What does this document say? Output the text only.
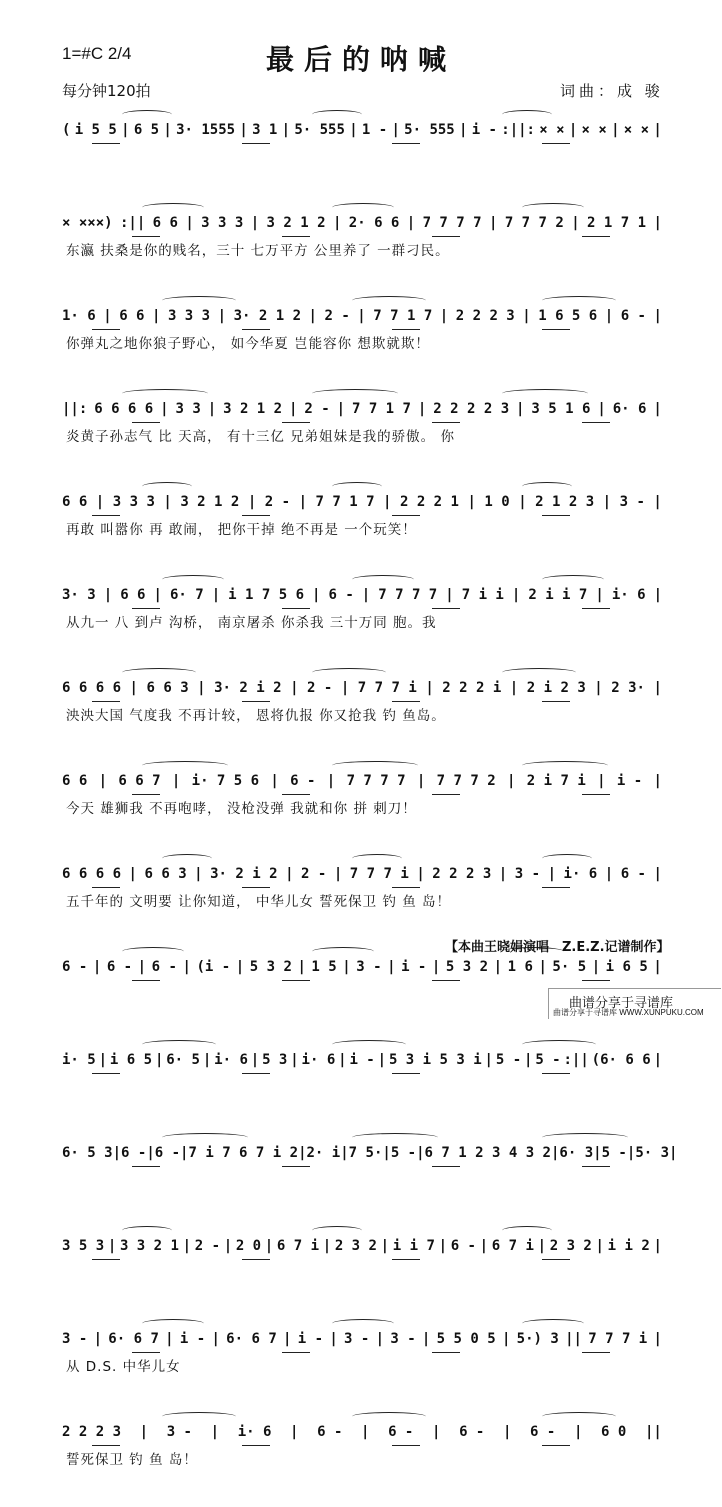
1=#C 2/4
每分钟120拍
最后的呐喊
词曲：成 骏
( i 5 5 | 6 5 | 3· 1555 | 3 1 | 5· 555 | 1 - | 5· 555 | i - :||: × × | × × | × × |
× ×××) :|| 6 6 | 3 3 3 | 3 2 1 2 | 2· 6 6 | 7 7 7 7 | 7 7 7 2 | 2 1 7 1 |
东瀛 扶桑是你的贱名，三十 七万平方 公里养了 一群刁民。
1· 6 | 6 6 | 3 3 3 | 3· 2 1 2 | 2 - | 7 7 1 7 | 2 2 2 3 | 1 6 5 6 | 6 - |
你弹丸之地你狼子野心， 如今华夏 岂能容你 想欺就欺！
||: 6 6 6 6 | 3 3 | 3 2 1 2 | 2 - | 7 7 1 7 | 2 2 2 2 3 | 3 5 1 6 | 6· 6 |
炎黄子孙志气 比 天高， 有十三亿 兄弟姐妹是我的骄傲。 你
6 6 | 3 3 3 | 3 2 1 2 | 2 - | 7 7 1 7 | 2 2 2 1 | 1 0 | 2 1 2 3 | 3 - |
再敢 叫嚣你 再 敢闹， 把你干掉 绝不再是 一个玩笑！
3· 3 | 6 6 | 6· 7 | i 1 7 5 6 | 6 - | 7 7 7 7 | 7 i i | 2 i i 7 | i· 6 |
从九一 八 到卢 沟桥， 南京屠杀 你杀我 三十万同 胞。我
6 6 6 6 | 6 6 3 | 3· 2 i 2 | 2 - | 7 7 7 i | 2 2 2 i | 2 i 2 3 | 2 3· |
泱泱大国 气度我 不再计较， 恩将仇报 你又抢我 钓 鱼岛。
6 6 | 6 6 7 | i· 7 5 6 | 6 - | 7 7 7 7 | 7 7 7 2 | 2 i 7 i | i - |
今天 雄狮我 不再咆哮， 没枪没弹 我就和你 拼 刺刀！
6 6 6 6 | 6 6 3 | 3· 2 i 2 | 2 - | 7 7 7 i | 2 2 2 3 | 3 - | i· 6 | 6 - |
五千年的 文明要 让你知道， 中华儿女 誓死保卫 钓 鱼 岛！
6 - | 6 - | 6 - | (i - | 5 3 2 | 1 5 | 3 - | i - | 5 3 2 | 1 6 | 5· 5 | i 6 5 |
i· 5 | i 6 5 | 6· 5 | i· 6 | 5 3 | i· 6 | i - | 5 3 i 5 3 i | 5 - | 5 - :|| (6· 6 6 |
6· 5 3 | 6 - | 6 - | 7 i 7 6 7 i 2 | 2· i | 7 5· | 5 - | 6 7 1 2 3 4 3 2 | 6· 3 | 5 - | 5· 3 |
3 5 3 | 3 3 2 1 | 2 - | 2 0 | 6 7 i | 2 3 2 | i i 7 | 6 - | 6 7 i | 2 3 2 | i i 2 |
3 - | 6· 6 7 | i - | 6· 6 7 | i - | 3 - | 3 - | 5 5 0 5 | 5·) 3 || 7 7 7 i |
从 D.S. 中华儿女
2 2 2 3 | 3 - | i· 6 | 6 - | 6 - | 6 - | 6 - | 6 0 ||
誓死保卫 钓 鱼 岛！
【本曲王晓娟演唱　Z.E.Z.记谱制作】
曲谱分享于寻谱库
曲谱分享于寻谱库 WWW.XUNPUKU.COM
